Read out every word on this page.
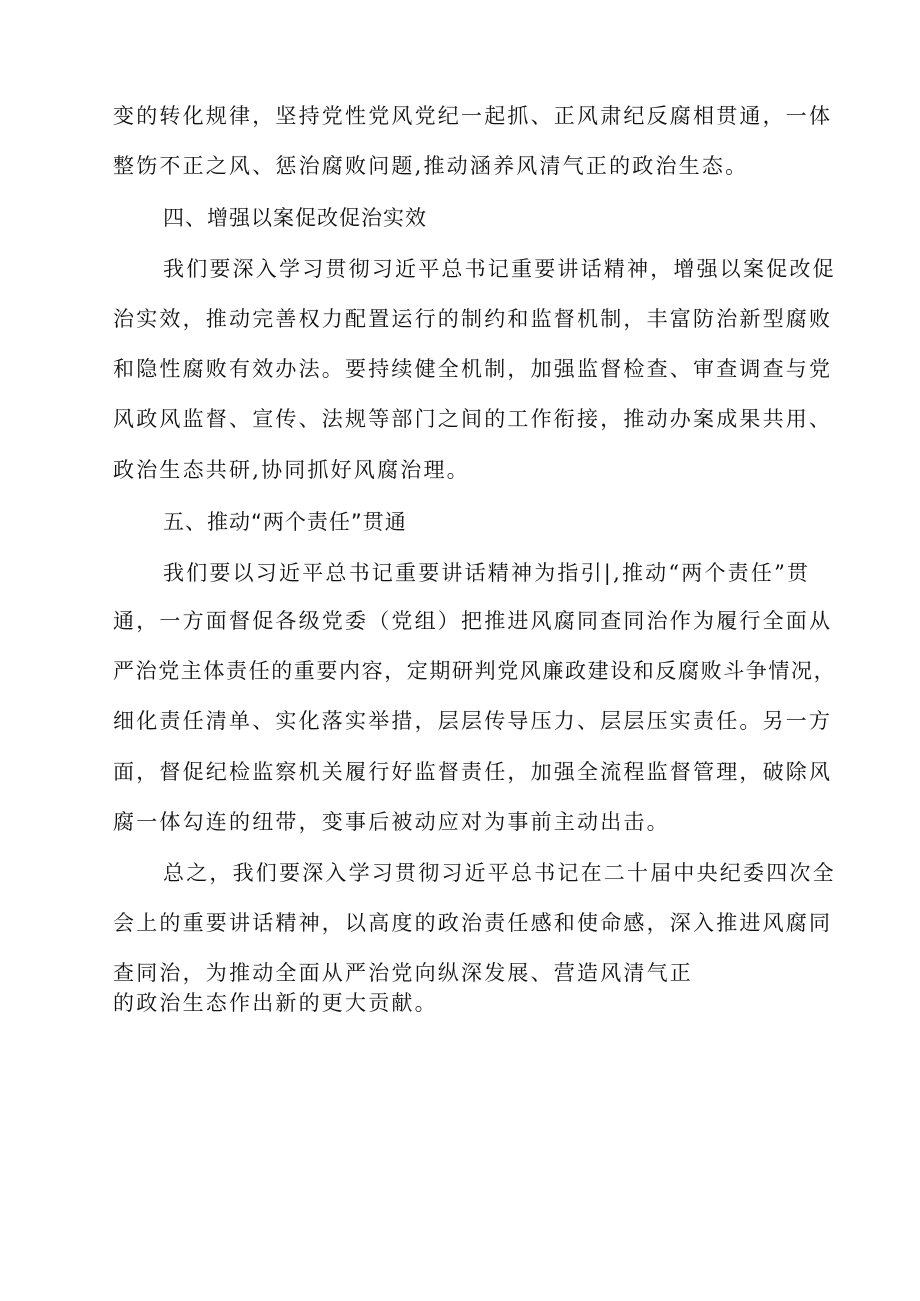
变的转化规律，坚持党性党风党纪一起抓、正风肃纪反腐相贯通，一体
整饬不正之风、惩治腐败问题,推动涵养风清气正的政治生态。
四、增强以案促改促治实效
我们要深入学习贯彻习近平总书记重要讲话精神，增强以案促改促
治实效，推动完善权力配置运行的制约和监督机制，丰富防治新型腐败
和隐性腐败有效办法。要持续健全机制，加强监督检查、审查调查与党
风政风监督、宣传、法规等部门之间的工作衔接，推动办案成果共用、
政治生态共研,协同抓好风腐治理。
五、推动“两个责任”贯通
我们要以习近平总书记重要讲话精神为指引|,推动“两个责任”贯
通，一方面督促各级党委（党组）把推进风腐同查同治作为履行全面从
严治党主体责任的重要内容，定期研判党风廉政建设和反腐败斗争情况，
细化责任清单、实化落实举措，层层传导压力、层层压实责任。另一方
面，督促纪检监察机关履行好监督责任，加强全流程监督管理，破除风
腐一体勾连的纽带，变事后被动应对为事前主动出击。
总之，我们要深入学习贯彻习近平总书记在二十届中央纪委四次全
会上的重要讲话精神，以高度的政治责任感和使命感，深入推进风腐同
查同治，为推动全面从严治党向纵深发展、营造风清气正
的政治生态作出新的更大贡献。
